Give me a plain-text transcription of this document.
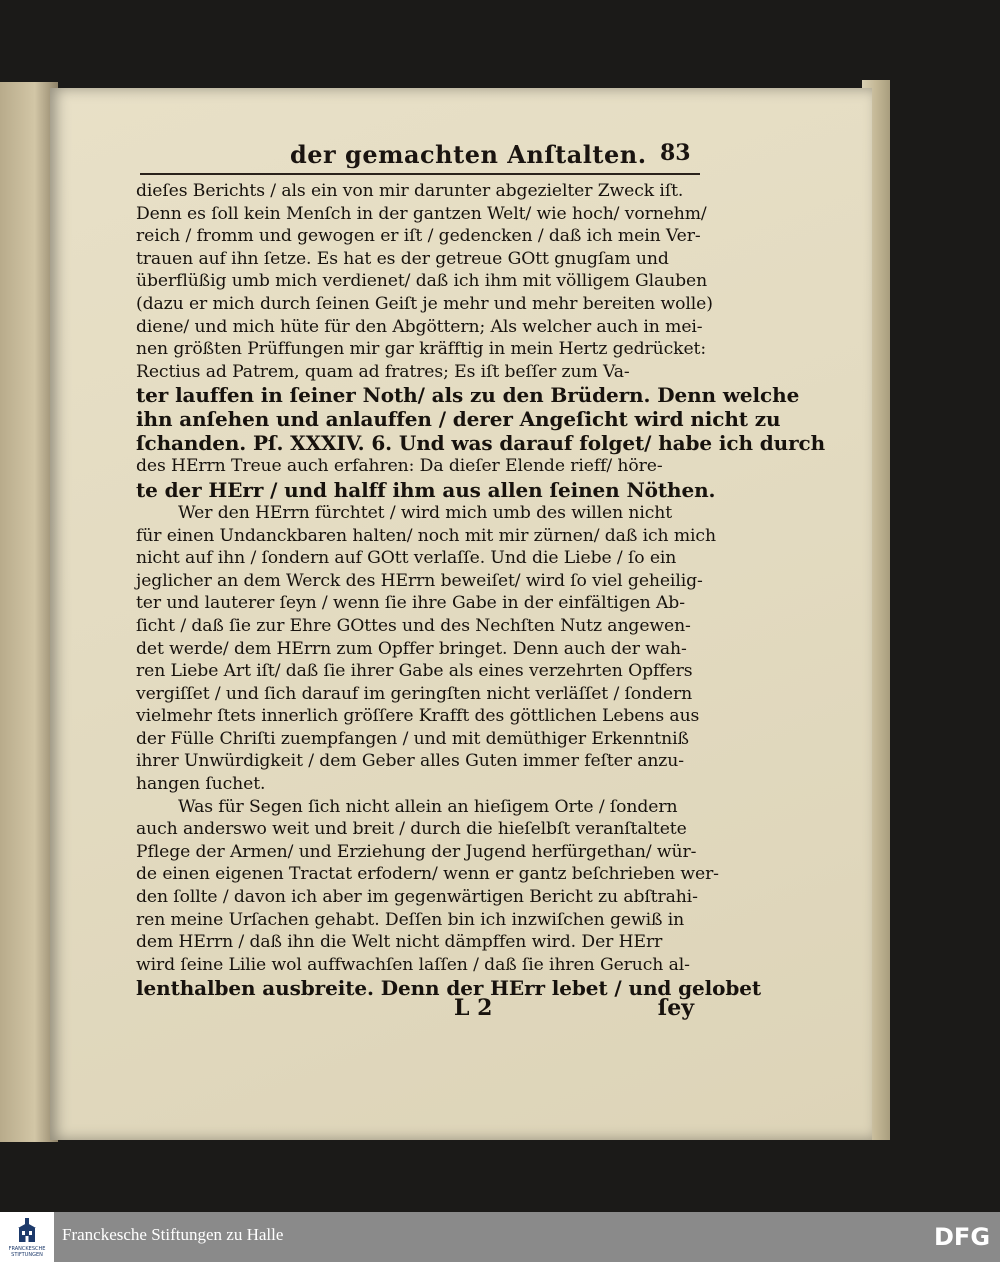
der gemachten Anſtalten. 83
dieſes Berichts / als ein von mir darunter abgezielter Zweck iſt.
Denn es ſoll kein Menſch in der gantzen Welt/ wie hoch/ vornehm/
reich / fromm und gewogen er iſt / gedencken / daß ich mein Ver-
trauen auf ihn ſetze. Es hat es der getreue GOtt gnugſam und
überflüßig umb mich verdienet/ daß ich ihm mit völligem Glauben
(dazu er mich durch ſeinen Geiſt je mehr und mehr bereiten wolle)
diene/ und mich hüte für den Abgöttern; Als welcher auch in mei-
nen größten Prüffungen mir gar kräfftig in mein Hertz gedrücket:
Rectius ad Patrem, quam ad fratres; Es iſt beſſer zum Va-
ter lauffen in ſeiner Noth/ als zu den Brüdern. Denn welche
ihn anſehen und anlauffen / derer Angeſicht wird nicht zu
ſchanden. Pſ. XXXIV. 6. Und was darauf folget/ habe ich durch
des HErrn Treue auch erfahren: Da dieſer Elende rieff/ höre-
te der HErr / und halff ihm aus allen ſeinen Nöthen.
Wer den HErrn fürchtet / wird mich umb des willen nicht
für einen Undanckbaren halten/ noch mit mir zürnen/ daß ich mich
nicht auf ihn / ſondern auf GOtt verlaſſe. Und die Liebe / ſo ein
jeglicher an dem Werck des HErrn beweiſet/ wird ſo viel geheilig-
ter und lauterer ſeyn / wenn ſie ihre Gabe in der einfältigen Ab-
ſicht / daß ſie zur Ehre GOttes und des Nechſten Nutz angewen-
det werde/ dem HErrn zum Opffer bringet. Denn auch der wah-
ren Liebe Art iſt/ daß ſie ihrer Gabe als eines verzehrten Opffers
vergiſſet / und ſich darauf im geringſten nicht verläſſet / ſondern
vielmehr ſtets innerlich gröſſere Krafft des göttlichen Lebens aus
der Fülle Chriſti zuempfangen / und mit demüthiger Erkenntniß
ihrer Unwürdigkeit / dem Geber alles Guten immer feſter anzu-
hangen ſuchet.
Was für Segen ſich nicht allein an hieſigem Orte / ſondern
auch anderswo weit und breit / durch die hieſelbſt veranſtaltete
Pflege der Armen/ und Erziehung der Jugend herfürgethan/ wür-
de einen eigenen Tractat erfodern/ wenn er gantz beſchrieben wer-
den ſollte / davon ich aber im gegenwärtigen Bericht zu abſtrahi-
ren meine Urſachen gehabt. Deſſen bin ich inzwiſchen gewiß in
dem HErrn / daß ihn die Welt nicht dämpffen wird. Der HErr
wird ſeine Lilie wol auffwachſen laſſen / daß ſie ihren Geruch al-
lenthalben ausbreite. Denn der HErr lebet / und gelobet
L 2	ſey
FRANCKESCHE STIFTUNGEN
Franckesche Stiftungen zu Halle	DFG
